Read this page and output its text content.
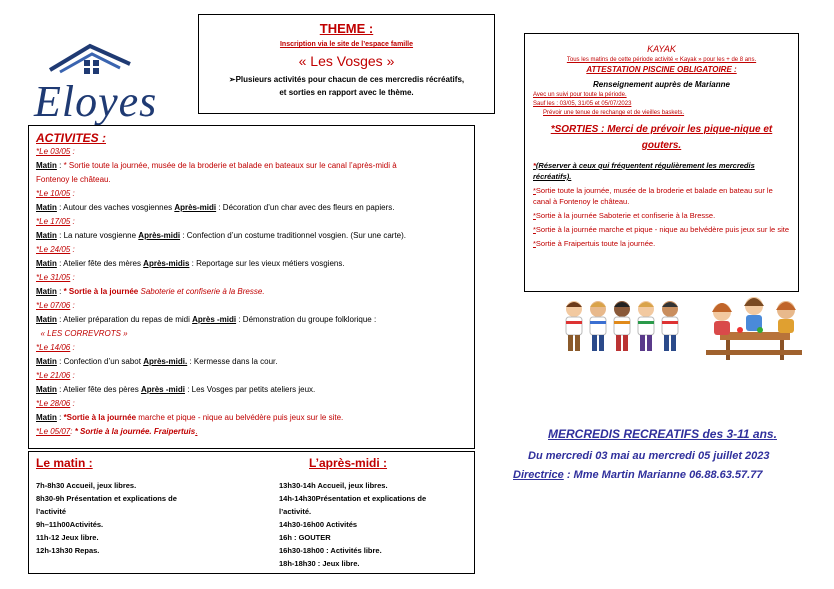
Eloyes
THEME :
Inscription via le site de l’espace famille
« Les Vosges »
➢Plusieurs activités pour chacun de ces mercredis récréatifs,
et sorties en rapport avec le thème.
KAYAK
Tous les matins de cette période activité « Kayak » pour les + de 8 ans.
ATTESTATION PISCINE OBLIGATOIRE :
Renseignement auprès de Marianne
Avec un suivi pour toute la période.
Sauf les : 03/05, 31/05 et 05/07/2023
Prévoir une tenue de rechange et de vieilles baskets.
*SORTIES : Merci de prévoir les pique-nique et gouters.
*(Réserver à ceux qui fréquentent régulièrement les mercredis récréatifs).
*Sortie toute la journée, musée de la broderie et balade en bateau sur le canal à Fontenoy le château.
*Sortie à la journée Saboterie et confiserie à la Bresse.
*Sortie à la journée marche et pique - nique au belvédère puis jeux sur le site
*Sortie à Fraipertuis toute la journée.
ACTIVITES :
*Le 03/05 :
Matin : * Sortie toute la journée, musée de la broderie et balade en bateaux sur le canal l’après-midi à
Fontenoy le château.
*Le 10/05 :
Matin : Autour des vaches vosgiennes Après-midi : Décoration d’un char avec des fleurs en papiers.
*Le 17/05 :
Matin : La nature vosgienne Après-midi : Confection d’un costume traditionnel vosgien. (Sur une carte).
*Le 24/05 :
Matin : Atelier fête des mères Après-midis : Reportage sur les vieux métiers vosgiens.
*Le 31/05 :
Matin : * Sortie à la journée Saboterie et confiserie à la Bresse.
*Le 07/06 :
Matin : Atelier préparation du repas de midi Après -midi : Démonstration du groupe folklorique :
« LES CORREVROTS »
*Le 14/06 :
Matin : Confection d’un sabot Après-midi. : Kermesse dans la cour.
*Le 21/06 :
Matin : Atelier fête des pères Après -midi : Les Vosges par petits ateliers jeux.
*Le 28/06 :
Matin : *Sortie à la journée marche et pique - nique au belvédère puis jeux sur le site.
*Le 05/07: * Sortie à la journée. Fraipertuis.
Le matin :
7h-8h30 Accueil, jeux libres.
8h30-9h Présentation et explications de
l’activité
9h–11h00Activités.
11h-12 Jeux libre.
12h-13h30 Repas.
L’après-midi :
13h30-14h Accueil, jeux libres.
14h-14h30Présentation et explications de
l’activité.
14h30-16h00 Activités
16h : GOUTER
16h30-18h00 : Activités libre.
18h-18h30 : Jeux libre.
MERCREDIS RECREATIFS des 3-11 ans.
Du mercredi 03 mai au mercredi 05 juillet 2023
Directrice : Mme Martin Marianne 06.88.63.57.77
